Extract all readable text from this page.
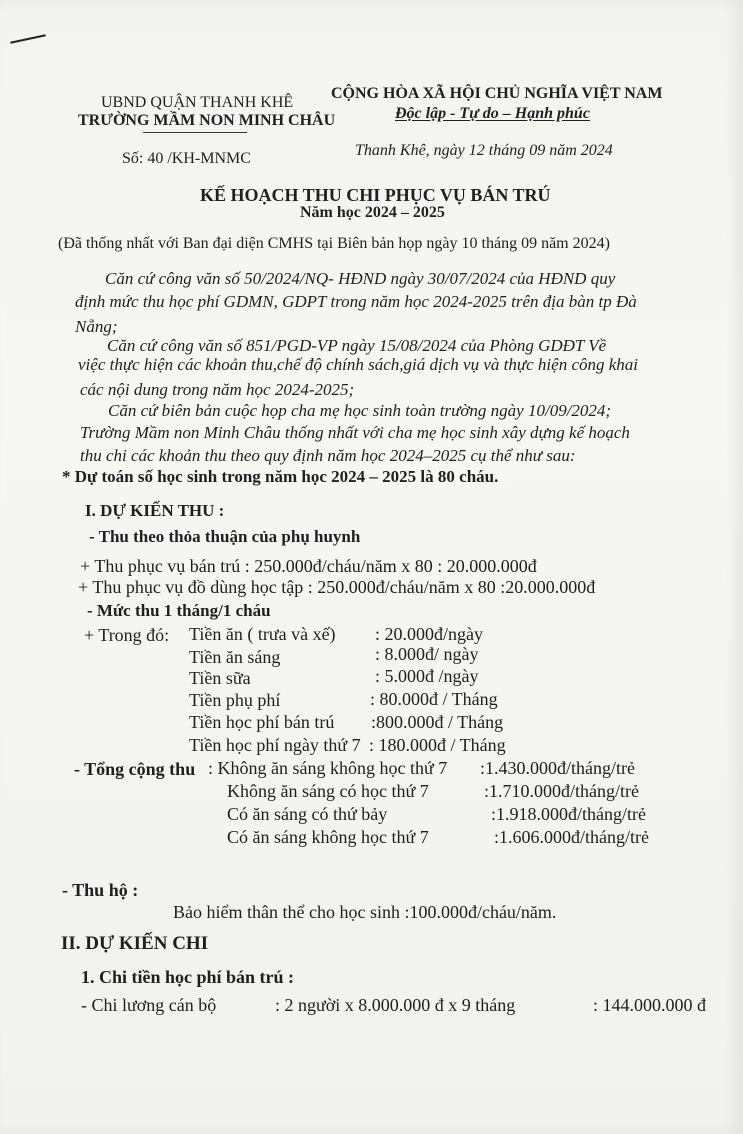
UBND QUẬN THANH KHÊ
TRƯỜNG MẦM NON MINH CHÂU
CỘNG HÒA XÃ HỘI CHỦ NGHĨA VIỆT NAM
Độc lập - Tự do – Hạnh phúc
Số: 40 /KH-MNMC	Thanh Khê, ngày 12 tháng 09 năm 2024
KẾ HOẠCH THU CHI PHỤC VỤ BÁN TRÚ
Năm học 2024 – 2025
(Đã thống nhất với Ban đại diện CMHS tại Biên bản họp ngày 10 tháng 09 năm 2024)
Căn cứ công văn số 50/2024/NQ- HĐND ngày 30/07/2024 của HĐND quy
định mức thu học phí GDMN, GDPT trong năm học 2024-2025 trên địa bàn tp Đà
Nẵng;
Căn cứ công văn số 851/PGD-VP ngày 15/08/2024 của Phòng GDĐT Về
việc thực hiện các khoản thu,chế độ chính sách,giá dịch vụ và thực hiện công khai
các nội dung trong năm học 2024-2025;
Căn cứ biên bản cuộc họp cha mẹ học sinh toàn trường ngày 10/09/2024;
Trường Mầm non Minh Châu thống nhất với cha mẹ học sinh xây dựng kế hoạch
thu chi các khoản thu theo quy định năm học 2024–2025 cụ thể như sau:
* Dự toán số học sinh trong năm học 2024 – 2025 là 80 cháu.
I. DỰ KIẾN THU :
- Thu theo thỏa thuận của phụ huynh
+ Thu phục vụ bán trú : 250.000đ/cháu/năm x 80 : 20.000.000đ
+ Thu phục vụ đồ dùng học tập : 250.000đ/cháu/năm x 80 :20.000.000đ
- Mức thu 1 tháng/1 cháu
+ Trong đó: Tiền ăn ( trưa và xế) : 20.000đ/ngày
Tiền ăn sáng	: 8.000đ/ ngày
Tiền sữa	: 5.000đ /ngày
Tiền phụ phí	: 80.000đ / Tháng
Tiền học phí bán trú :800.000đ / Tháng
Tiền học phí ngày thứ 7 : 180.000đ / Tháng
- Tổng cộng thu : Không ăn sáng không học thứ 7 :1.430.000đ/tháng/trẻ
Không ăn sáng có học thứ 7	:1.710.000đ/tháng/trẻ
Có ăn sáng có thứ bảy	:1.918.000đ/tháng/trẻ
Có ăn sáng không học thứ 7	:1.606.000đ/tháng/trẻ
- Thu hộ :
Bảo hiểm thân thể cho học sinh :100.000đ/cháu/năm.
II. DỰ KIẾN CHI
1. Chi tiền học phí bán trú :
- Chi lương cán bộ	: 2 người x 8.000.000 đ x 9 tháng	: 144.000.000 đ
